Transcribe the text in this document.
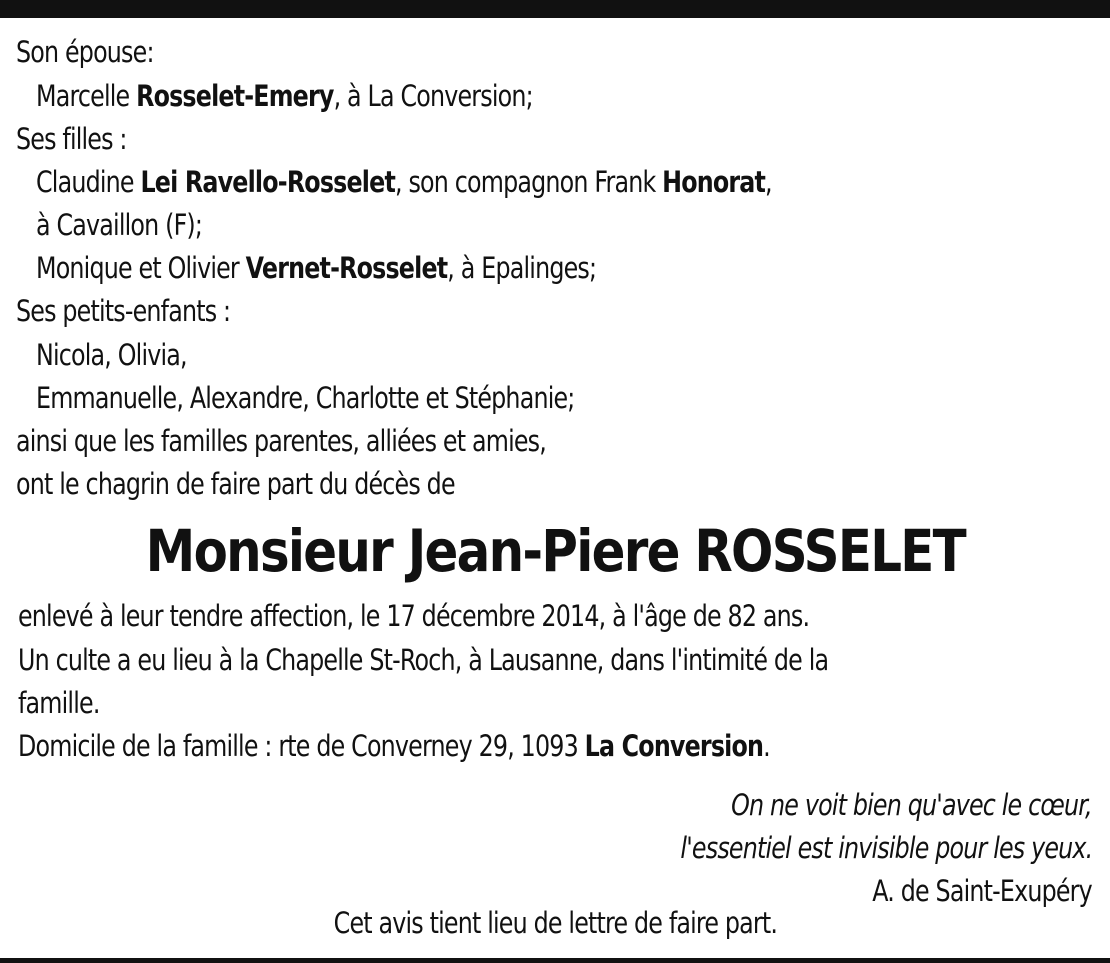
Son épouse:
Marcelle Rosselet-Emery, à La Conversion;
Ses filles :
Claudine Lei Ravello-Rosselet, son compagnon Frank Honorat,
à Cavaillon (F);
Monique et Olivier Vernet-Rosselet, à Epalinges;
Ses petits-enfants :
Nicola, Olivia,
Emmanuelle, Alexandre, Charlotte et Stéphanie;
ainsi que les familles parentes, alliées et amies,
ont le chagrin de faire part du décès de
Monsieur Jean-Piere ROSSELET
enlevé à leur tendre affection, le 17 décembre 2014, à l'âge de 82 ans.
Un culte a eu lieu à la Chapelle St-Roch, à Lausanne, dans l'intimité de la
famille.
Domicile de la famille : rte de Converney 29, 1093 La Conversion.
On ne voit bien qu'avec le cœur,
l'essentiel est invisible pour les yeux.
A. de Saint-Exupéry
Cet avis tient lieu de lettre de faire part.
